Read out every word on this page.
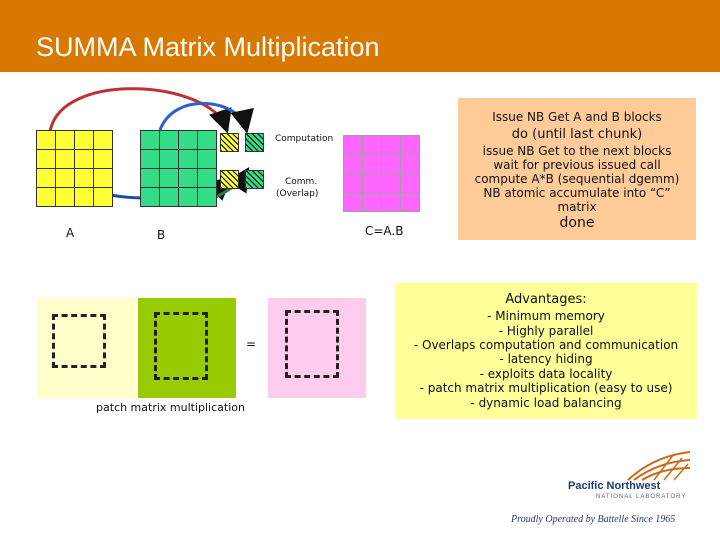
SUMMA Matrix Multiplication
Computation
Comm.
(Overlap)
A	B	C=A.B
Issue NB Get A and B blocks
do (until last chunk)
issue NB Get to the next blocks
wait for previous issued call
compute A*B (sequential dgemm)
NB atomic accumulate into “C”
matrix
done
=
patch matrix multiplication
Advantages:
- Minimum memory
- Highly parallel
- Overlaps computation and communication
- latency hiding
- exploits data locality
- patch matrix multiplication (easy to use)
- dynamic load balancing
Pacific Northwest
NATIONAL LABORATORY
Proudly Operated by Battelle Since 1965
